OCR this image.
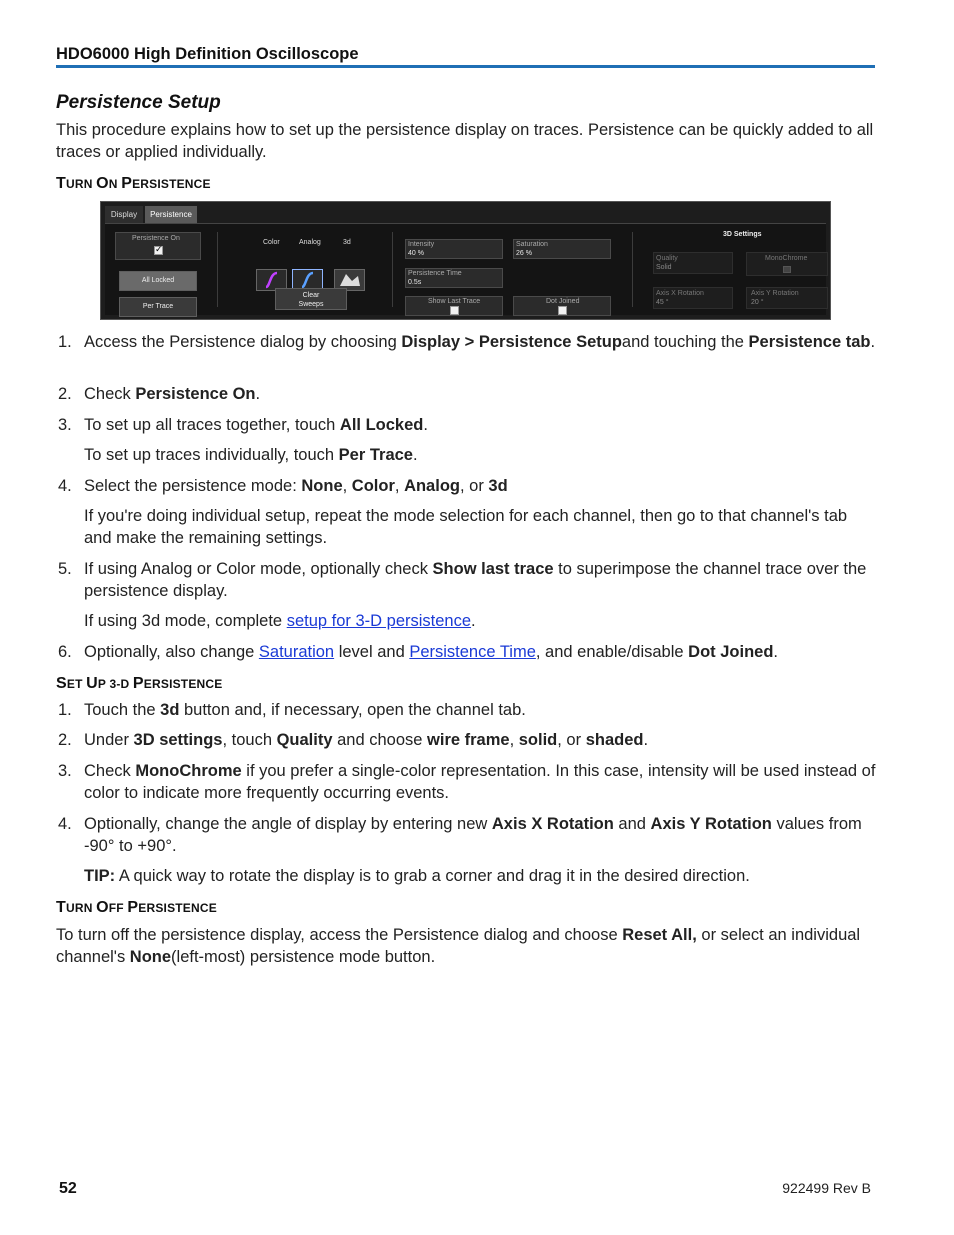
HDO6000 High Definition Oscilloscope
Persistence Setup
This procedure explains how to set up the persistence display on traces. Persistence can be quickly added to all traces or applied individually.
TURN ON PERSISTENCE
Display	Persistence
Persistence On
✓
All Locked
Per Trace
Color	Analog	3d
Clear
Sweeps
Intensity
40 %
Saturation
26 %
Persistence Time
0.5s
Show Last Trace	Dot Joined
3D Settings
Quality
Solid
MonoChrome
Axis X Rotation
45 °
Axis Y Rotation
20 °
1. Access the Persistence dialog by choosing Display > Persistence Setupand touching the Persistence tab.
2. Check Persistence On.
3. To set up all traces together, touch All Locked.
To set up traces individually, touch Per Trace.
4. Select the persistence mode: None, Color, Analog, or 3d
If you're doing individual setup, repeat the mode selection for each channel, then go to that channel's tab and make the remaining settings.
5. If using Analog or Color mode, optionally check Show last trace to superimpose the channel trace over the persistence display.
If using 3d mode, complete setup for 3-D persistence.
6. Optionally, also change Saturation level and Persistence Time, and enable/disable Dot Joined.
SET UP 3-D PERSISTENCE
1. Touch the 3d button and, if necessary, open the channel tab.
2. Under 3D settings, touch Quality and choose wire frame, solid, or shaded.
3. Check MonoChrome if you prefer a single-color representation. In this case, intensity will be used instead of color to indicate more frequently occurring events.
4. Optionally, change the angle of display by entering new Axis X Rotation and Axis Y Rotation values from -90° to +90°.
TIP: A quick way to rotate the display is to grab a corner and drag it in the desired direction.
TURN OFF PERSISTENCE
To turn off the persistence display, access the Persistence dialog and choose Reset All, or select an individual channel's None(left-most) persistence mode button.
52	922499 Rev B
